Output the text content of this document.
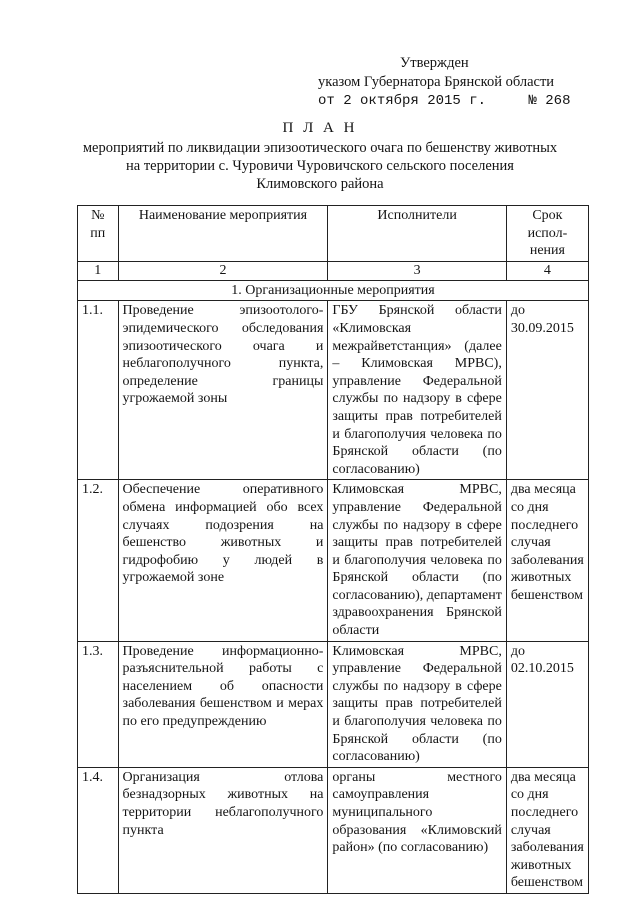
Утвержден
указом Губернатора Брянской области
от 2 октября 2015 г.	№ 268
П Л А Н
мероприятий по ликвидации эпизоотического очага по бешенству животных
на территории с. Чуровичи Чуровичского сельского поселения
Климовского района
№ пп	Наименование мероприятия	Исполнители	Срок испол- нения
1	2	3	4
1. Организационные мероприятия			
1.1.	Проведение эпизоотолого-эпидемического обследования эпизоотического очага и неблагополучного пункта, определение границы угрожаемой зоны	ГБУ Брянской области «Климовская межрайветстанция» (далее – Климовская МРВС), управление Федеральной службы по надзору в сфере защиты прав потребителей и благополучия человека по Брянской области (по согласованию)	до 30.09.2015
1.2.	Обеспечение оперативного обмена информацией обо всех случаях подозрения на бешенство животных и гидрофобию у людей в угрожаемой зоне	Климовская МРВС, управление Федеральной службы по надзору в сфере защиты прав потребителей и благополучия человека по Брянской области (по согласованию), департамент здравоохранения Брянской области	два месяца со дня последнего случая заболевания животных бешенством
1.3.	Проведение информационно-разъяснительной работы с населением об опасности заболевания бешенством и мерах по его предупреждению	Климовская МРВС, управление Федеральной службы по надзору в сфере защиты прав потребителей и благополучия человека по Брянской области (по согласованию)	до 02.10.2015
1.4.	Организация отлова безнадзорных животных на территории неблагополучного пункта	органы местного самоуправления муниципального образования «Климовский район» (по согласованию)	два месяца со дня последнего случая заболевания животных бешенством
